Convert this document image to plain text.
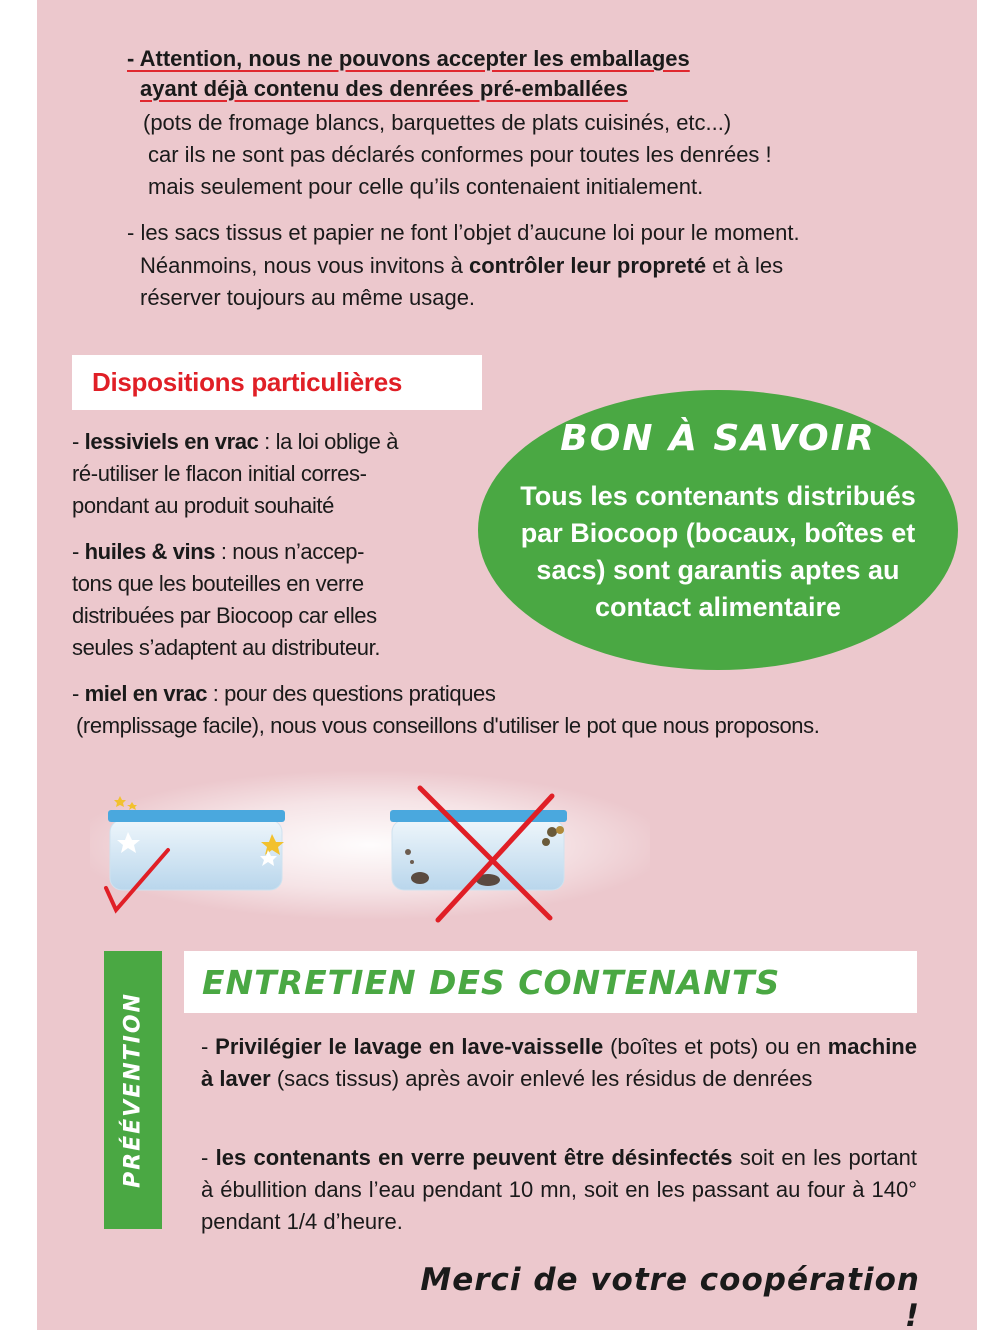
- Attention, nous ne pouvons accepter les emballages
ayant déjà contenu des denrées pré-emballées
(pots de fromage blancs, barquettes de plats cuisinés, etc...)
car ils ne sont pas déclarés conformes pour toutes les denrées !
mais seulement pour celle qu’ils contenaient initialement.
- les sacs tissus et papier ne font l’objet d’aucune loi pour le moment.
Néanmoins, nous vous invitons à contrôler leur propreté et à les
réserver toujours au même usage.
Dispositions particulières
- lessiviels en vrac : la loi oblige à
ré-utiliser le flacon initial corres-
pondant au produit souhaité
- huiles & vins : nous n’accep-
tons que les bouteilles en verre
distribuées par Biocoop car elles
seules s’adaptent au distributeur.
- miel en vrac : pour des questions pratiques
(remplissage facile), nous vous conseillons d'utiliser le pot que nous proposons.
BON À SAVOIR
Tous les contenants distribués
par Biocoop (bocaux, boîtes et
sacs) sont garantis aptes au
contact alimentaire
PRÉÉVENTION
ENTRETIEN DES CONTENANTS
- Privilégier le lavage en lave-vaisselle (boîtes et pots) ou en machine à laver (sacs tissus) après avoir enlevé les résidus de denrées
- les contenants en verre peuvent être désinfectés soit en les portant à ébullition dans l’eau pendant 10 mn, soit en les passant au four à 140° pendant 1/4 d’heure.
Merci de votre coopération !
